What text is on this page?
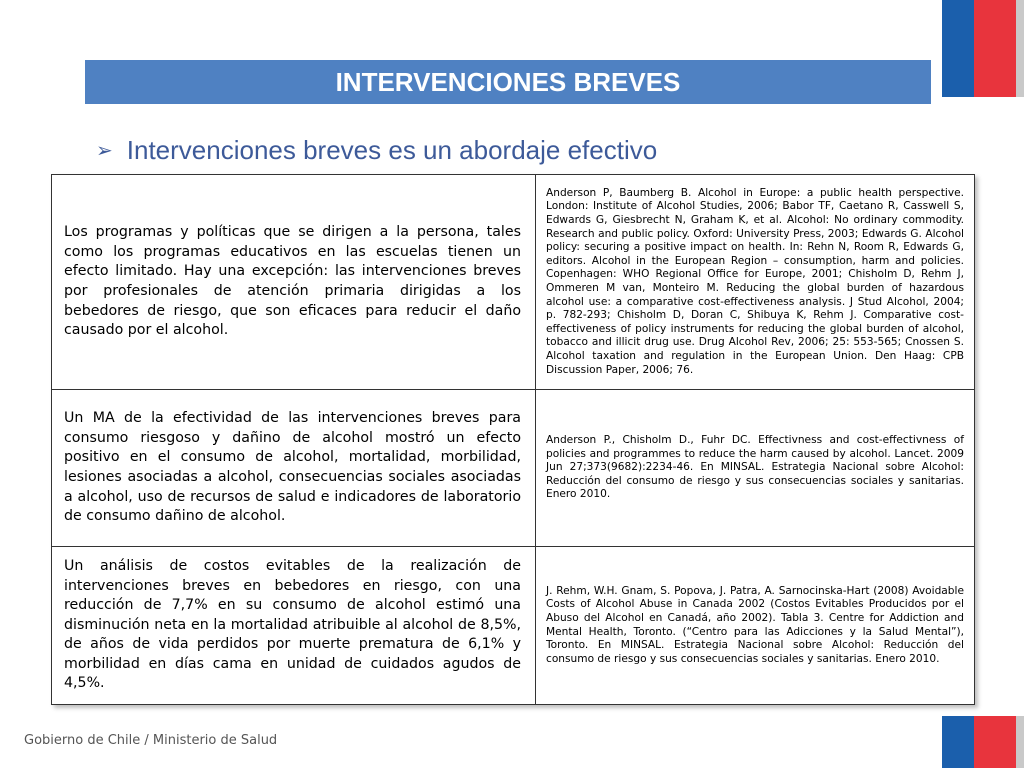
INTERVENCIONES BREVES
➢ Intervenciones breves es un abordaje efectivo
Los programas y políticas que se dirigen a la persona, tales como los programas educativos en las escuelas tienen un efecto limitado. Hay una excepción: las intervenciones breves por profesionales de atención primaria dirigidas a los bebedores de riesgo, que son eficaces para reducir el daño causado por el alcohol.
Anderson P, Baumberg B. Alcohol in Europe: a public health perspective. London: Institute of Alcohol Studies, 2006; Babor TF, Caetano R, Casswell S, Edwards G, Giesbrecht N, Graham K, et al. Alcohol: No ordinary commodity. Research and public policy. Oxford: University Press, 2003; Edwards G. Alcohol policy: securing a positive impact on health. In: Rehn N, Room R, Edwards G, editors. Alcohol in the European Region – consumption, harm and policies. Copenhagen: WHO Regional Office for Europe, 2001; Chisholm D, Rehm J, Ommeren M van, Monteiro M. Reducing the global burden of hazardous alcohol use: a comparative cost-effectiveness analysis. J Stud Alcohol, 2004; p. 782-293; Chisholm D, Doran C, Shibuya K, Rehm J. Comparative cost-effectiveness of policy instruments for reducing the global burden of alcohol, tobacco and illicit drug use. Drug Alcohol Rev, 2006; 25: 553-565; Cnossen S. Alcohol taxation and regulation in the European Union. Den Haag: CPB Discussion Paper, 2006; 76.
Un MA de la efectividad de las intervenciones breves para consumo riesgoso y dañino de alcohol mostró un efecto positivo en el consumo de alcohol, mortalidad, morbilidad, lesiones asociadas a alcohol, consecuencias sociales asociadas a alcohol, uso de recursos de salud e indicadores de laboratorio de consumo dañino de alcohol.
Anderson P., Chisholm D., Fuhr DC. Effectivness and cost-effectivness of policies and programmes to reduce the harm caused by alcohol. Lancet. 2009 Jun 27;373(9682):2234-46. En MINSAL. Estrategia Nacional sobre Alcohol: Reducción del consumo de riesgo y sus consecuencias sociales y sanitarias. Enero 2010.
Un análisis de costos evitables de la realización de intervenciones breves en bebedores en riesgo, con una reducción de 7,7% en su consumo de alcohol estimó una disminución neta en la mortalidad atribuible al alcohol de 8,5%, de años de vida perdidos por muerte prematura de 6,1% y morbilidad en días cama en unidad de cuidados agudos de 4,5%.
J. Rehm, W.H. Gnam, S. Popova, J. Patra, A. Sarnocinska-Hart (2008) Avoidable Costs of Alcohol Abuse in Canada 2002 (Costos Evitables Producidos por el Abuso del Alcohol en Canadá, año 2002). Tabla 3. Centre for Addiction and Mental Health, Toronto. (“Centro para las Adicciones y la Salud Mental”), Toronto. En MINSAL. Estrategia Nacional sobre Alcohol: Reducción del consumo de riesgo y sus consecuencias sociales y sanitarias. Enero 2010.
Gobierno de Chile / Ministerio de Salud
